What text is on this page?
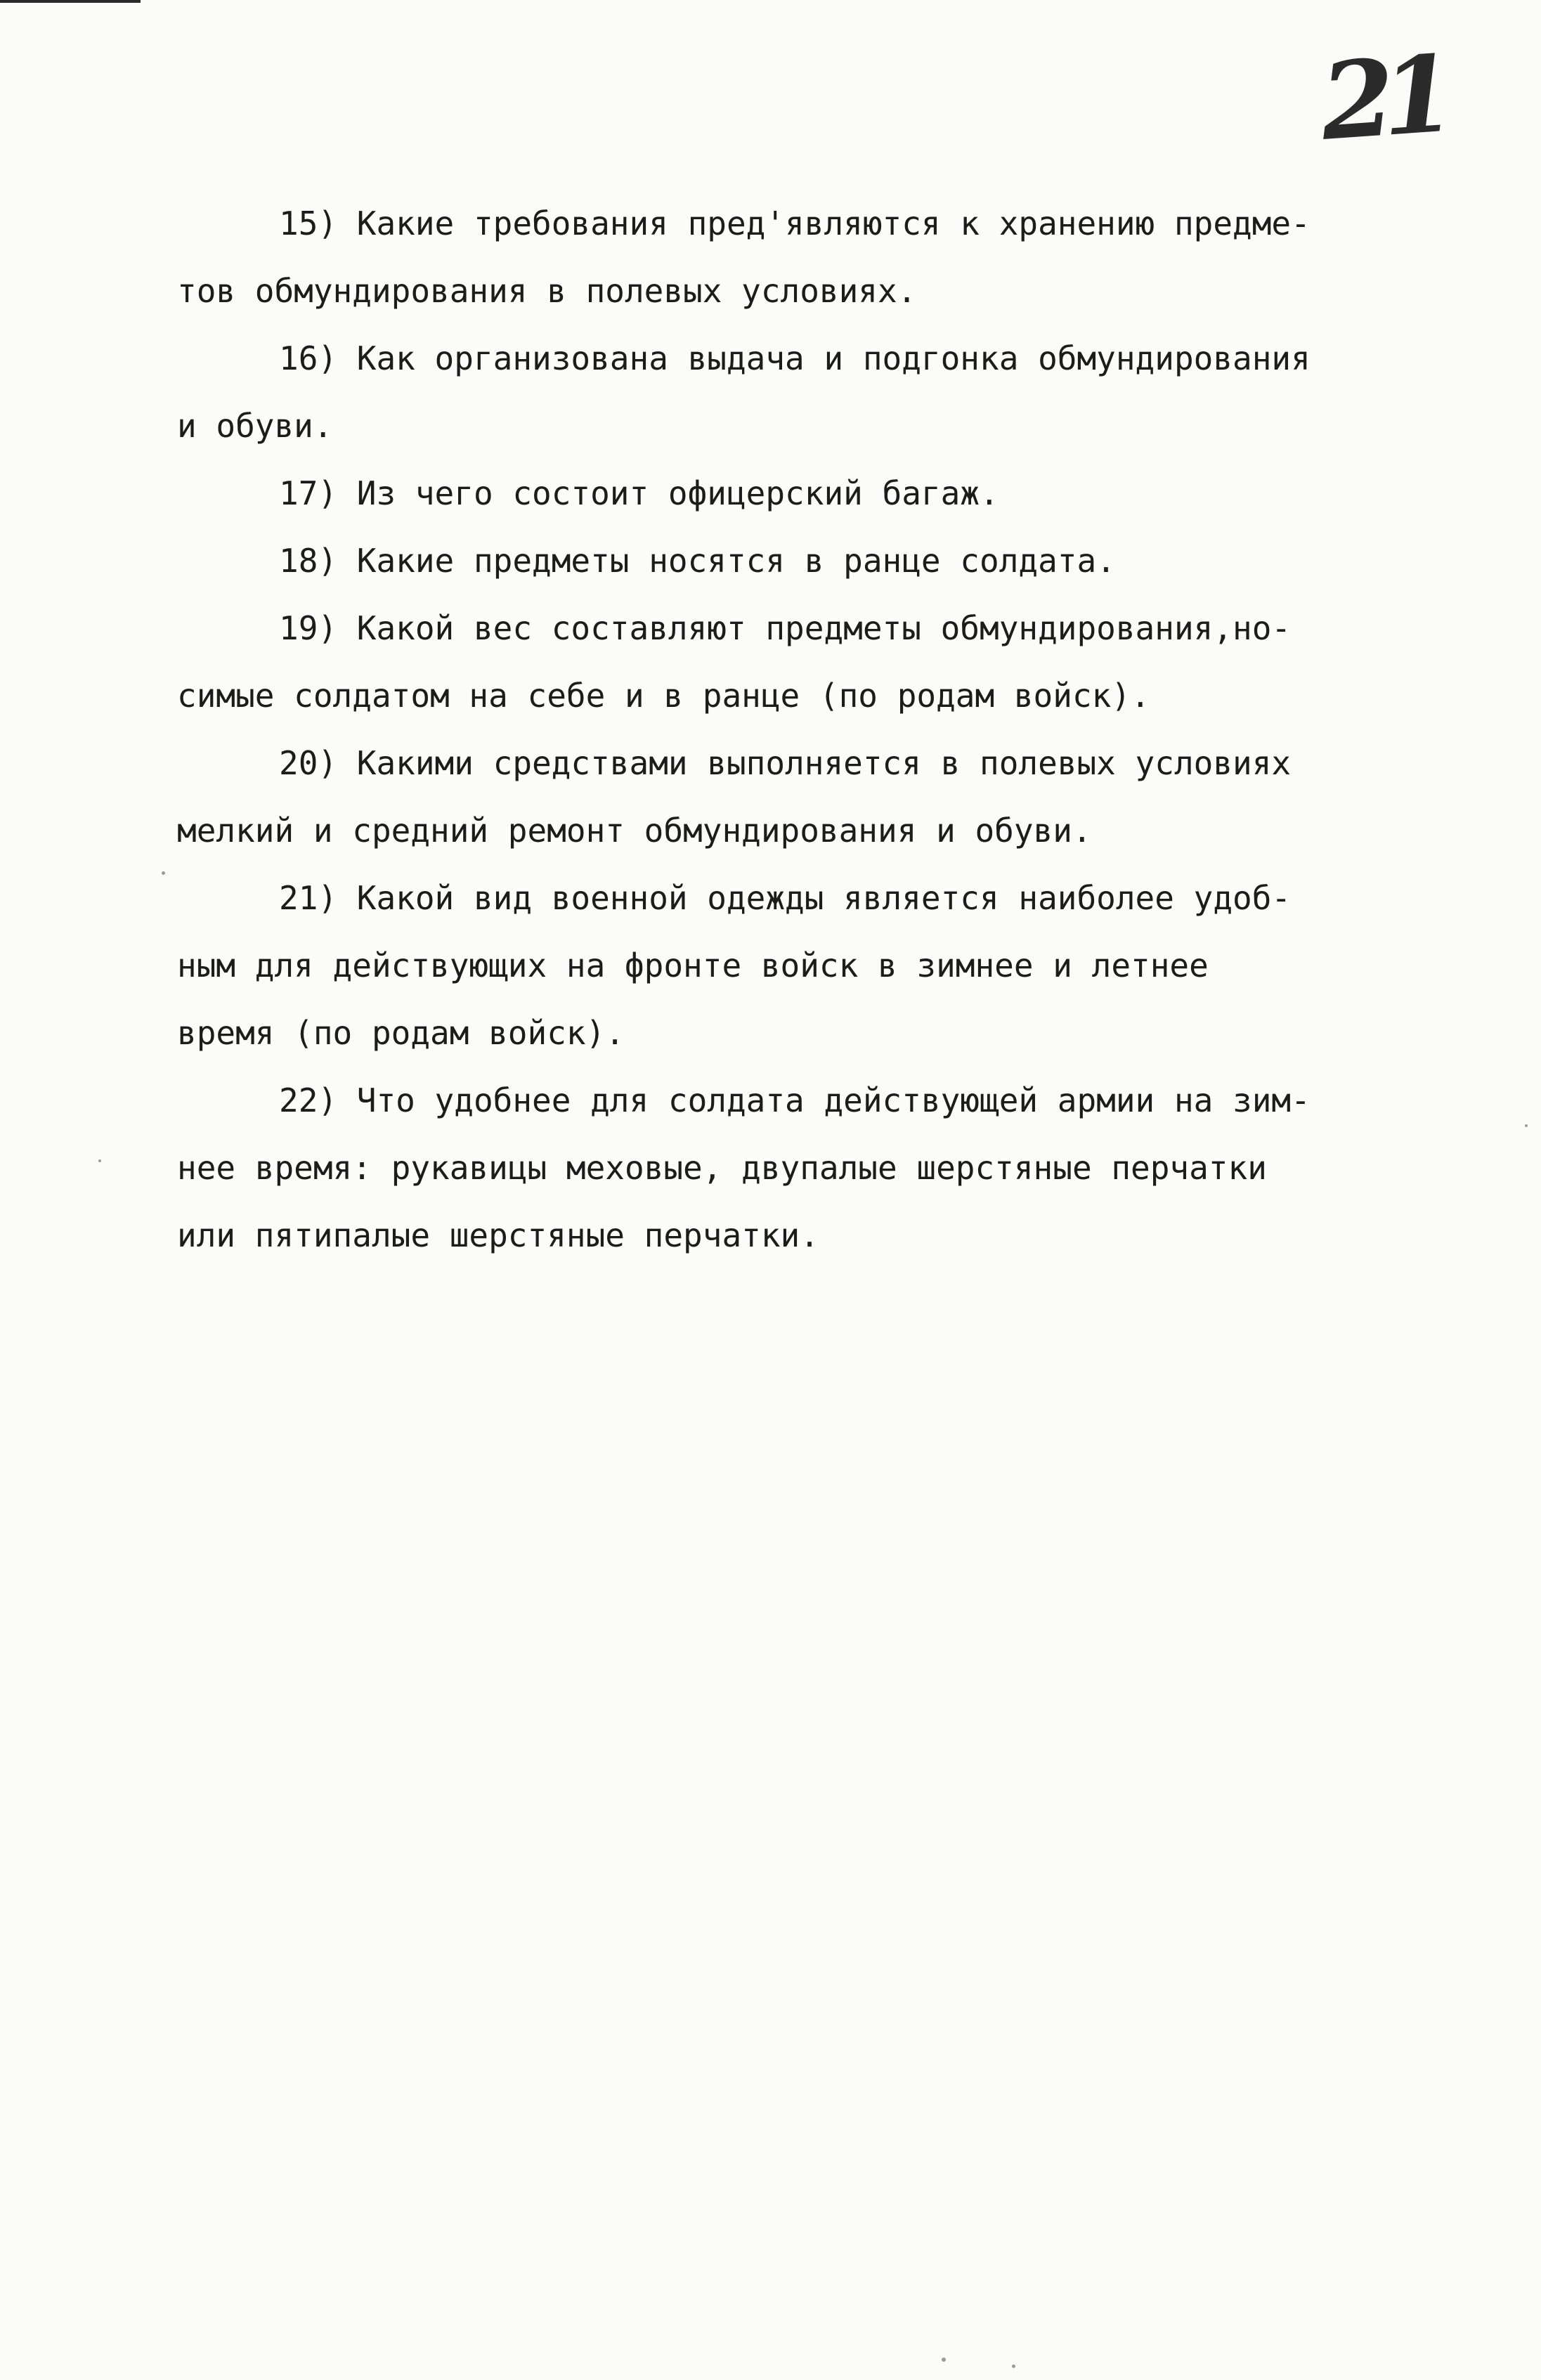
21
15) Какие требования пред'являются к хранению предме-
тов обмундирования в полевых условиях.
16) Как организована выдача и подгонка обмундирования
и обуви.
17) Из чего состоит офицерский багаж.
18) Какие предметы носятся в ранце солдата.
19) Какой вес составляют предметы обмундирования,но-
симые солдатом на себе и в ранце (по родам войск).
20) Какими средствами выполняется в полевых условиях
мелкий и средний ремонт обмундирования и обуви.
21) Какой вид военной одежды является наиболее удоб-
ным для действующих на фронте войск в зимнее и летнее
время (по родам войск).
22) Что удобнее для солдата действующей армии на зим-
нее время: рукавицы меховые, двупалые шерстяные перчатки
или пятипалые шерстяные перчатки.
